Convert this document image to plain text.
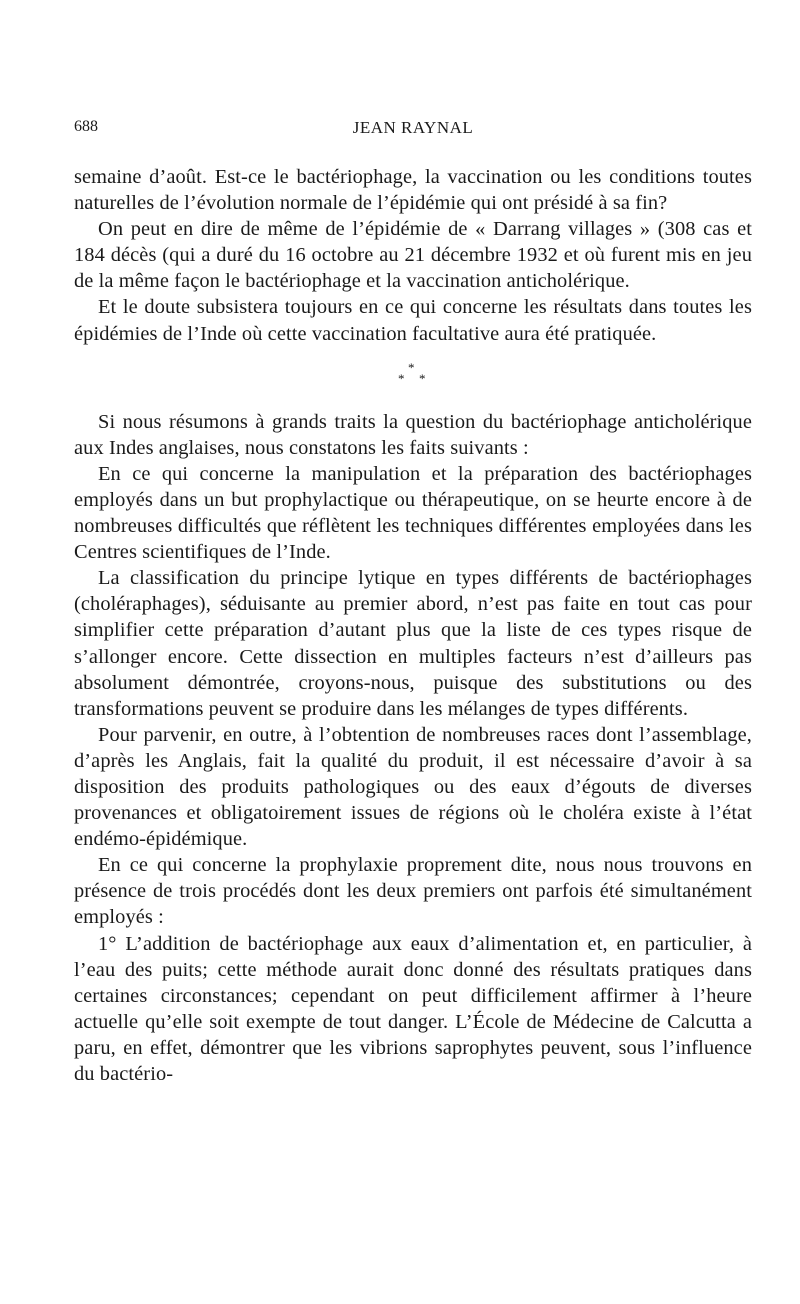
688	JEAN RAYNAL

semaine d’août. Est-ce le bactériophage, la vaccination ou les conditions toutes naturelles de l’évolution normale de l’épidémie qui ont présidé à sa fin?

On peut en dire de même de l’épidémie de « Darrang villages » (308 cas et 184 décès (qui a duré du 16 octobre au 21 décembre 1932 et où furent mis en jeu de la même façon le bactériophage et la vaccination anticholérique.

Et le doute subsistera toujours en ce qui concerne les résultats dans toutes les épidémies de l’Inde où cette vaccination facultative aura été pratiquée.

*
* *

Si nous résumons à grands traits la question du bactériophage anticholérique aux Indes anglaises, nous constatons les faits suivants :

En ce qui concerne la manipulation et la préparation des bactériophages employés dans un but prophylactique ou thérapeutique, on se heurte encore à de nombreuses difficultés que réflètent les techniques différentes employées dans les Centres scientifiques de l’Inde.

La classification du principe lytique en types différents de bactériophages (choléraphages), séduisante au premier abord, n’est pas faite en tout cas pour simplifier cette préparation d’autant plus que la liste de ces types risque de s’allonger encore. Cette dissection en multiples facteurs n’est d’ailleurs pas absolument démontrée, croyons-nous, puisque des substitutions ou des transformations peuvent se produire dans les mélanges de types différents.

Pour parvenir, en outre, à l’obtention de nombreuses races dont l’assemblage, d’après les Anglais, fait la qualité du produit, il est nécessaire d’avoir à sa disposition des produits pathologiques ou des eaux d’égouts de diverses provenances et obligatoirement issues de régions où le choléra existe à l’état endémo-épidémique.

En ce qui concerne la prophylaxie proprement dite, nous nous trouvons en présence de trois procédés dont les deux premiers ont parfois été simultanément employés :

1° L’addition de bactériophage aux eaux d’alimentation et, en particulier, à l’eau des puits; cette méthode aurait donc donné des résultats pratiques dans certaines circonstances; cependant on peut difficilement affirmer à l’heure actuelle qu’elle soit exempte de tout danger. L’École de Médecine de Calcutta a paru, en effet, démontrer que les vibrions saprophytes peuvent, sous l’influence du bactério-
